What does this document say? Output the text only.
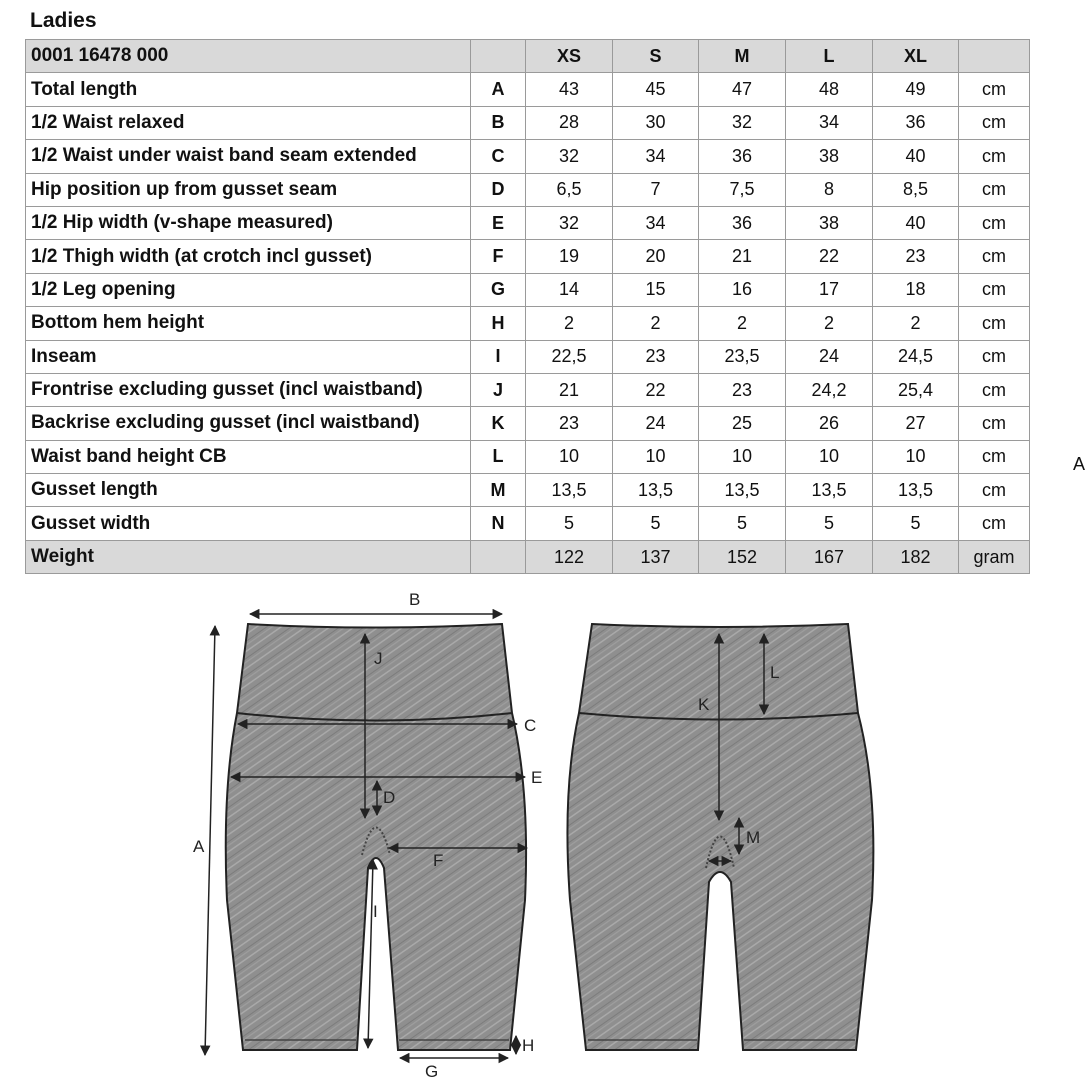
Ladies
0001 16478 000		XS	S	M	L	XL	
Total length	A	43	45	47	48	49	cm
1/2 Waist relaxed	B	28	30	32	34	36	cm
1/2 Waist under waist band seam extended	C	32	34	36	38	40	cm
Hip position up from gusset seam	D	6,5	7	7,5	8	8,5	cm
1/2 Hip width (v-shape measured)	E	32	34	36	38	40	cm
1/2 Thigh width (at crotch incl gusset)	F	19	20	21	22	23	cm
1/2 Leg opening	G	14	15	16	17	18	cm
Bottom hem height	H	2	2	2	2	2	cm
Inseam	I	22,5	23	23,5	24	24,5	cm
Frontrise excluding gusset (incl waistband)	J	21	22	23	24,2	25,4	cm
Backrise excluding gusset (incl waistband)	K	23	24	25	26	27	cm
Waist band height CB	L	10	10	10	10	10	cm
Gusset length	M	13,5	13,5	13,5	13,5	13,5	cm
Gusset width	N	5	5	5	5	5	cm
Weight		122	137	152	167	182	gram
A
B
A
J
C
E
D
F
I
G
H
K
L
M
